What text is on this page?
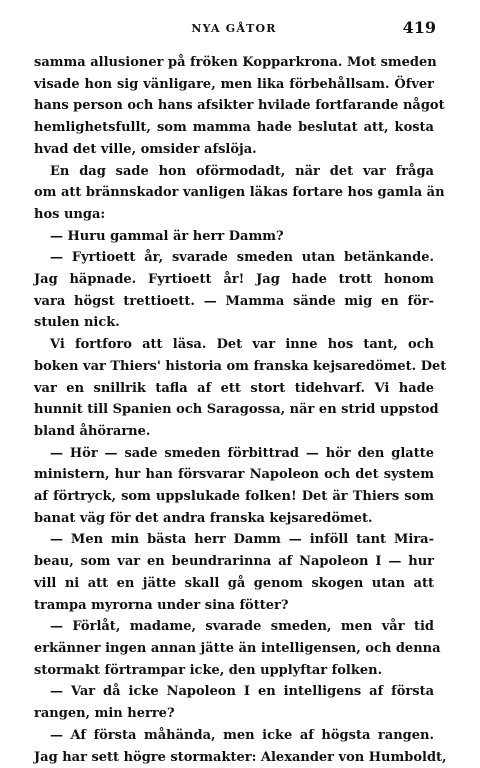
NYA GÅTOR	419

samma allusioner på fröken Kopparkrona. Mot smeden
visade hon sig vänligare, men lika förbehållsam. Öfver
hans person och hans afsikter hvilade fortfarande något
hemlighetsfullt, som mamma hade beslutat att, kosta
hvad det ville, omsider afslöja.

En dag sade hon oförmodadt, när det var fråga
om att brännskador vanligen läkas fortare hos gamla än
hos unga:

— Huru gammal är herr Damm?

— Fyrtioett år, svarade smeden utan betänkande.
Jag häpnade. Fyrtioett år! Jag hade trott honom
vara högst trettioett. — Mamma sände mig en för-
stulen nick.

Vi fortforo att läsa. Det var inne hos tant, och
boken var Thiers' historia om franska kejsaredömet. Det
var en snillrik tafla af ett stort tidehvarf. Vi hade
hunnit till Spanien och Saragossa, när en strid uppstod
bland åhörarne.

— Hör — sade smeden förbittrad — hör den glatte
ministern, hur han försvarar Napoleon och det system
af förtryck, som uppslukade folken! Det är Thiers som
banat väg för det andra franska kejsaredömet.

— Men min bästa herr Damm — inföll tant Mira-
beau, som var en beundrarinna af Napoleon I — hur
vill ni att en jätte skall gå genom skogen utan att
trampa myrorna under sina fötter?

— Förlåt, madame, svarade smeden, men vår tid
erkänner ingen annan jätte än intelligensen, och denna
stormakt förtrampar icke, den upplyftar folken.

— Var då icke Napoleon I en intelligens af första
rangen, min herre?

— Af första måhända, men icke af högsta rangen.
Jag har sett högre stormakter: Alexander von Humboldt,
